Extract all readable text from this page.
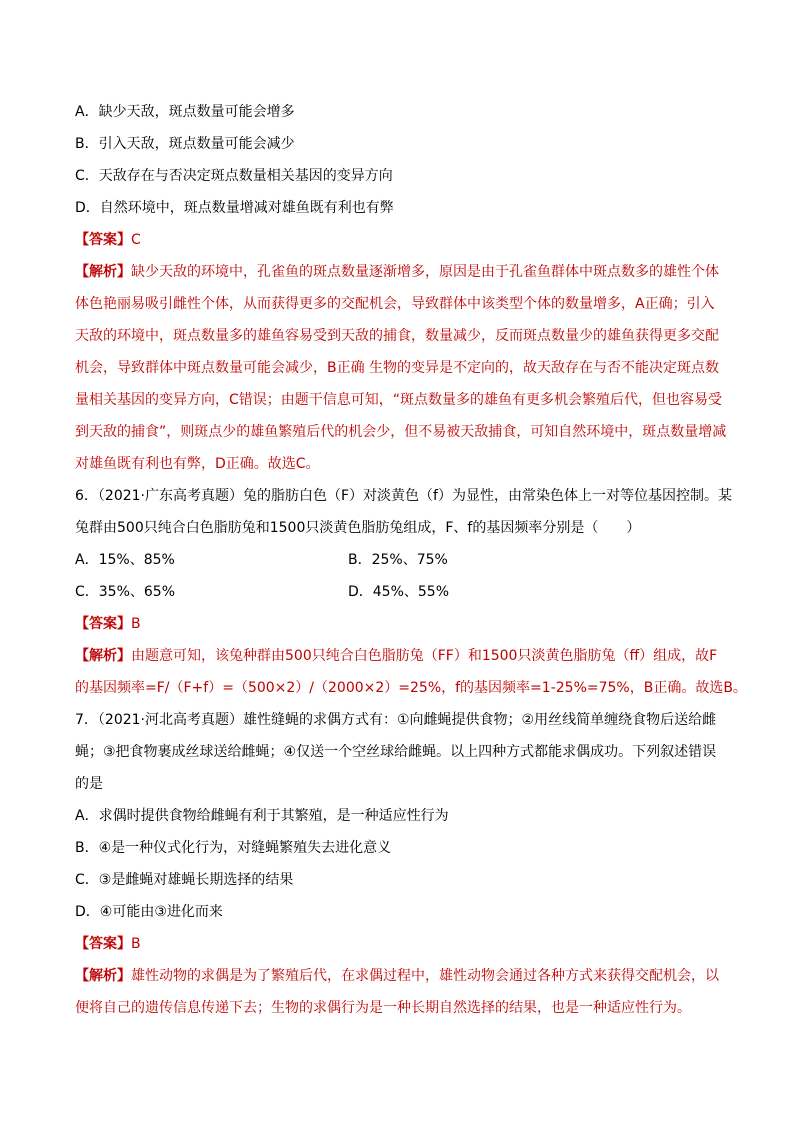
A．缺少天敌，斑点数量可能会增多
B．引入天敌，斑点数量可能会减少
C．天敌存在与否决定斑点数量相关基因的变异方向
D．自然环境中，斑点数量增减对雄鱼既有利也有弊
【答案】C
【解析】缺少天敌的环境中，孔雀鱼的斑点数量逐渐增多，原因是由于孔雀鱼群体中斑点数多的雄性个体
体色艳丽易吸引雌性个体，从而获得更多的交配机会，导致群体中该类型个体的数量增多，A正确；引入
天敌的环境中，斑点数量多的雄鱼容易受到天敌的捕食，数量减少，反而斑点数量少的雄鱼获得更多交配
机会，导致群体中斑点数量可能会减少，B正确 生物的变异是不定向的，故天敌存在与否不能决定斑点数
量相关基因的变异方向，C错误；由题干信息可知，“斑点数量多的雄鱼有更多机会繁殖后代，但也容易受
到天敌的捕食”，则斑点少的雄鱼繁殖后代的机会少，但不易被天敌捕食，可知自然环境中，斑点数量增减
对雄鱼既有利也有弊，D正确。故选C。
6．（2021·广东高考真题）兔的脂肪白色（F）对淡黄色（f）为显性，由常染色体上一对等位基因控制。某
兔群由500只纯合白色脂肪兔和1500只淡黄色脂肪兔组成，F、f的基因频率分别是（　　）
A．15%、85%	B．25%、75%
C．35%、65%	D．45%、55%
【答案】B
【解析】由题意可知，该兔种群由500只纯合白色脂肪兔（FF）和1500只淡黄色脂肪兔（ff）组成，故F
的基因频率=F/（F+f）=（500×2）/（2000×2）=25%，f的基因频率=1-25%=75%，B正确。故选B。
7．（2021·河北高考真题）雄性缝蝇的求偶方式有：①向雌蝇提供食物；②用丝线简单缠绕食物后送给雌
蝇；③把食物裹成丝球送给雌蝇；④仅送一个空丝球给雌蝇。以上四种方式都能求偶成功。下列叙述错误
的是
A．求偶时提供食物给雌蝇有利于其繁殖，是一种适应性行为
B．④是一种仪式化行为，对缝蝇繁殖失去进化意义
C．③是雌蝇对雄蝇长期选择的结果
D．④可能由③进化而来
【答案】B
【解析】雄性动物的求偶是为了繁殖后代，在求偶过程中，雄性动物会通过各种方式来获得交配机会，以
便将自己的遗传信息传递下去；生物的求偶行为是一种长期自然选择的结果，也是一种适应性行为。
